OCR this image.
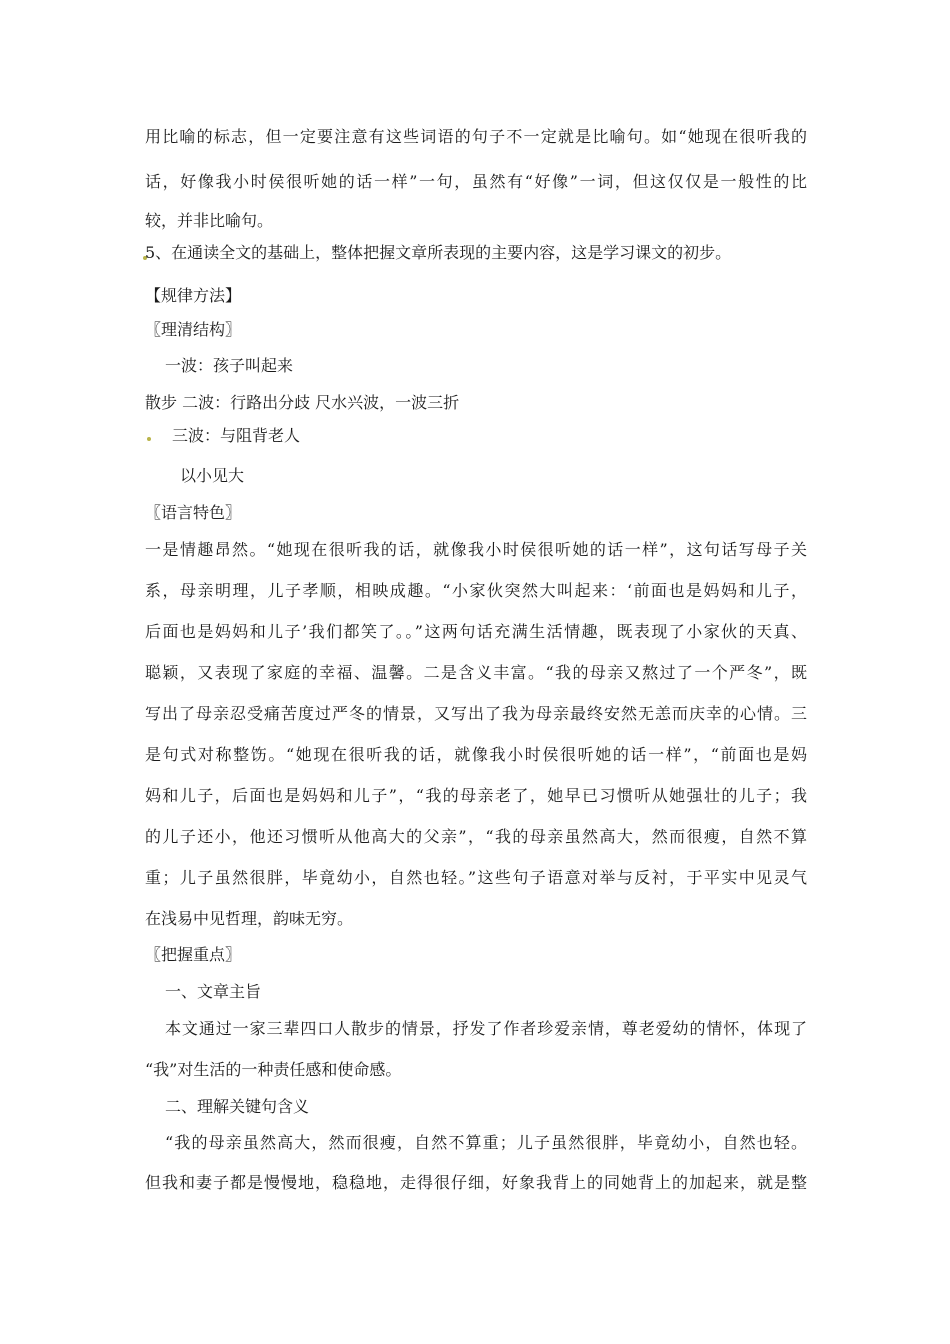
用比喻的标志，但一定要注意有这些词语的句子不一定就是比喻句。如“她现在很听我的
话，好像我小时侯很听她的话一样”一句，虽然有“好像”一词，但这仅仅是一般性的比
较，并非比喻句。
5、在通读全文的基础上，整体把握文章所表现的主要内容，这是学习课文的初步。
【规律方法】
〖理清结构〗
一波：孩子叫起来
散步 二波：行路出分歧 尺水兴波，一波三折
三波：与阻背老人
以小见大
〖语言特色〗
一是情趣昂然。“她现在很听我的话，就像我小时侯很听她的话一样”，这句话写母子关
系，母亲明理，儿子孝顺，相映成趣。“小家伙突然大叫起来：‘前面也是妈妈和儿子，
后面也是妈妈和儿子’我们都笑了。。”这两句话充满生活情趣，既表现了小家伙的天真、
聪颖，又表现了家庭的幸福、温馨。二是含义丰富。“我的母亲又熬过了一个严冬”，既
写出了母亲忍受痛苦度过严冬的情景，又写出了我为母亲最终安然无恙而庆幸的心情。三
是句式对称整饬。“她现在很听我的话，就像我小时侯很听她的话一样”，“前面也是妈
妈和儿子，后面也是妈妈和儿子”，“我的母亲老了，她早已习惯听从她强壮的儿子；我
的儿子还小，他还习惯听从他高大的父亲”，“我的母亲虽然高大，然而很瘦，自然不算
重；儿子虽然很胖，毕竟幼小，自然也轻。”这些句子语意对举与反衬，于平实中见灵气
在浅易中见哲理，韵味无穷。
〖把握重点〗
一、文章主旨
本文通过一家三辈四口人散步的情景，抒发了作者珍爱亲情，尊老爱幼的情怀，体现了
“我”对生活的一种责任感和使命感。
二、理解关键句含义
“我的母亲虽然高大，然而很瘦，自然不算重；儿子虽然很胖，毕竟幼小，自然也轻。
但我和妻子都是慢慢地，稳稳地，走得很仔细，好象我背上的同她背上的加起来，就是整
